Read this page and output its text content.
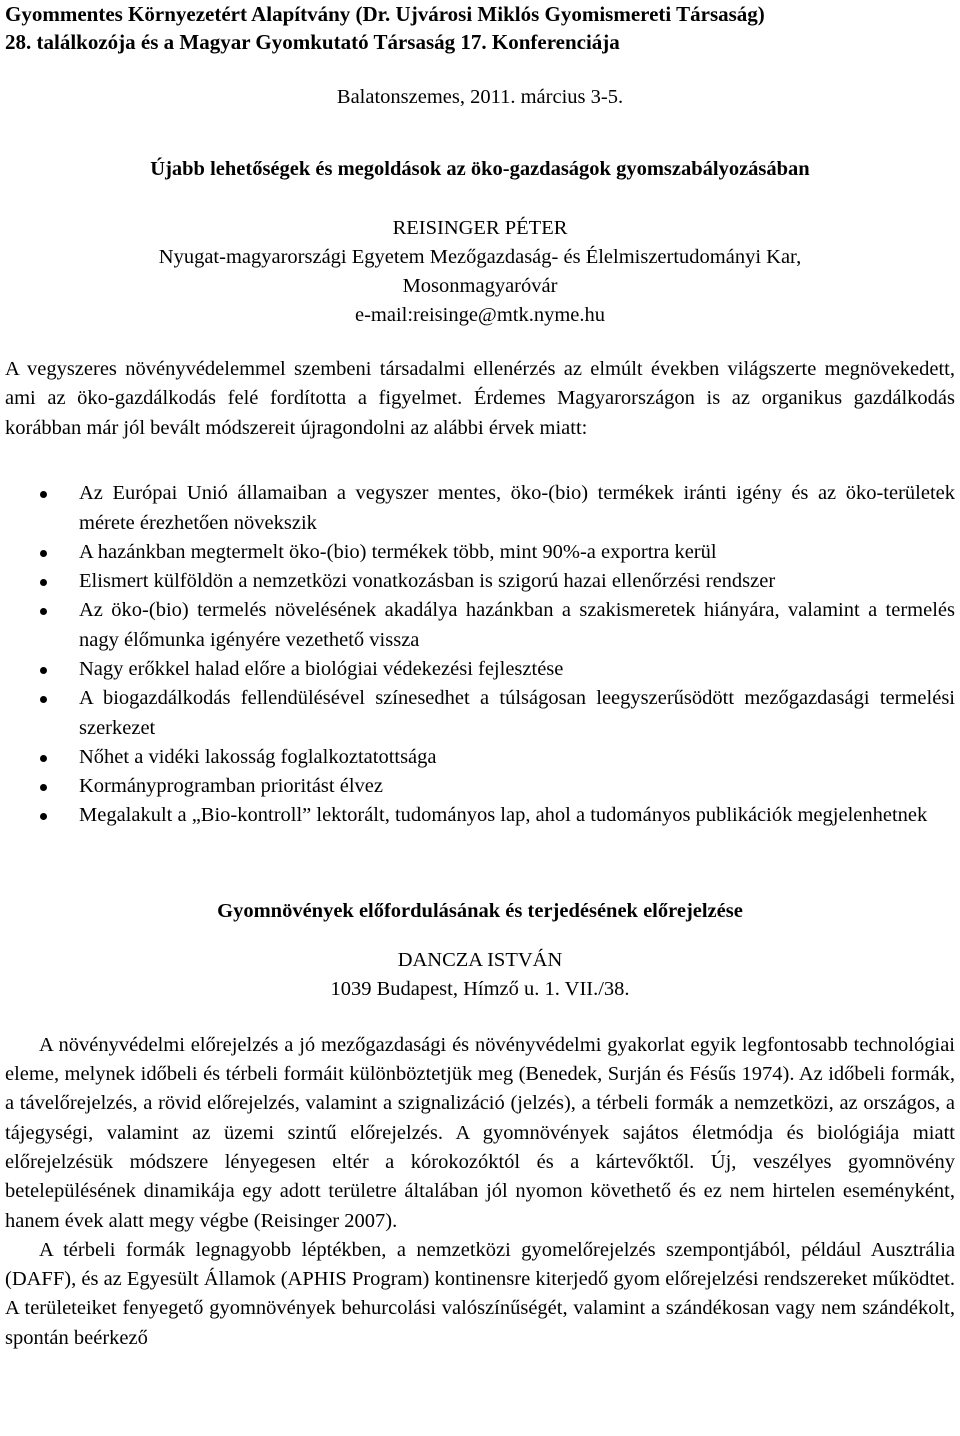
Gyommentes Környezetért Alapítvány (Dr. Ujvárosi Miklós Gyomismereti Társaság)
28. találkozója és a Magyar Gyomkutató Társaság 17. Konferenciája
Balatonszemes, 2011. március 3-5.
Újabb lehetőségek és megoldások az öko-gazdaságok gyomszabályozásában
REISINGER PÉTER
Nyugat-magyarországi Egyetem Mezőgazdaság- és Élelmiszertudományi Kar,
Mosonmagyaróvár
e-mail:reisinge@mtk.nyme.hu

A vegyszeres növényvédelemmel szembeni társadalmi ellenérzés az elmúlt években világszerte megnövekedett, ami az öko-gazdálkodás felé fordította a figyelmet. Érdemes Magyarországon is az organikus gazdálkodás korábban már jól bevált módszereit újragondolni az alábbi érvek miatt:

Az Európai Unió államaiban a vegyszer mentes, öko-(bio) termékek iránti igény és az öko-területek mérete érezhetően növekszik
A hazánkban megtermelt öko-(bio) termékek több, mint 90%-a exportra kerül
Elismert külföldön a nemzetközi vonatkozásban is szigorú hazai ellenőrzési rendszer
Az öko-(bio) termelés növelésének akadálya hazánkban a szakismeretek hiányára, valamint a termelés nagy élőmunka igényére vezethető vissza
Nagy erőkkel halad előre a biológiai védekezési fejlesztése
A biogazdálkodás fellendülésével színesedhet a túlságosan leegyszerűsödött mezőgazdasági termelési szerkezet
Nőhet a vidéki lakosság foglalkoztatottsága
Kormányprogramban prioritást élvez
Megalakult a „Bio-kontroll” lektorált, tudományos lap, ahol a tudományos publikációk megjelenhetnek
Gyomnövények előfordulásának és terjedésének előrejelzése
DANCZA ISTVÁN
1039 Budapest, Hímző u. 1. VII./38.

A növényvédelmi előrejelzés a jó mezőgazdasági és növényvédelmi gyakorlat egyik legfontosabb technológiai eleme, melynek időbeli és térbeli formáit különböztetjük meg (Benedek, Surján és Fésűs 1974). Az időbeli formák, a távelőrejelzés, a rövid előrejelzés, valamint a szignalizáció (jelzés), a térbeli formák a nemzetközi, az országos, a tájegységi, valamint az üzemi szintű előrejelzés. A gyomnövények sajátos életmódja és biológiája miatt előrejelzésük módszere lényegesen eltér a kórokozóktól és a kártevőktől. Új, veszélyes gyomnövény betelepülésének dinamikája egy adott területre általában jól nyomon követhető és ez nem hirtelen eseményként, hanem évek alatt megy végbe (Reisinger 2007).

A térbeli formák legnagyobb léptékben, a nemzetközi gyomelőrejelzés szempontjából, például Ausztrália (DAFF), és az Egyesült Államok (APHIS Program) kontinensre kiterjedő gyom előrejelzési rendszereket működtet. A területeiket fenyegető gyomnövények behurcolási valószínűségét, valamint a szándékosan vagy nem szándékolt, spontán beérkező
